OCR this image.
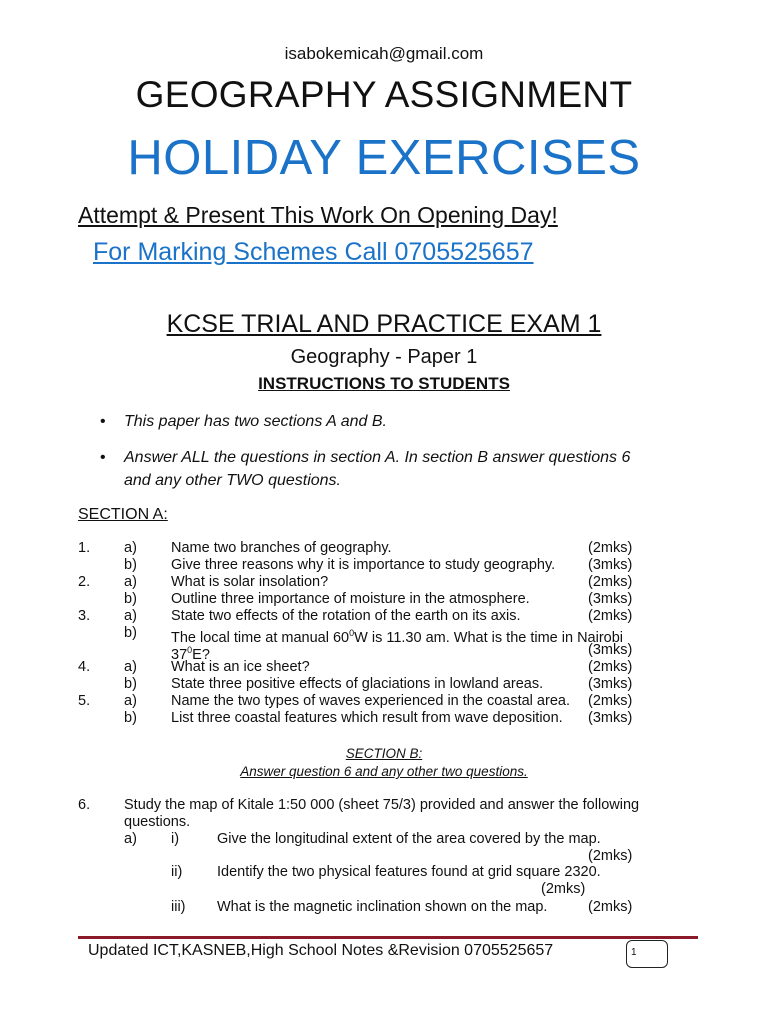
isabokemicah@gmail.com
GEOGRAPHY ASSIGNMENT
HOLIDAY EXERCISES
Attempt & Present This Work On Opening Day!
For Marking Schemes Call 0705525657
KCSE TRIAL AND PRACTICE EXAM 1
Geography - Paper 1
INSTRUCTIONS TO STUDENTS
• This paper has two sections A and B.
• Answer ALL the questions in section A. In section B answer questions 6 and any other TWO questions.
SECTION A:
1. a) Name two branches of geography.	(2mks)
b) Give three reasons why it is importance to study geography.	(3mks)
2. a) What is solar insolation?	(2mks)
b) Outline three importance of moisture in the atmosphere.	(3mks)
3. a) State two effects of the rotation of the earth on its axis.	(2mks)
b) The local time at manual $60^0W$ is 11.30 am. What is the time in Nairobi
$37^0E$?	(3mks)
4. a) What is an ice sheet?	(2mks)
b) State three positive effects of glaciations in lowland areas.	(3mks)
5. a) Name the two types of waves experienced in the coastal area.	(2mks)
b) List three coastal features which result from wave deposition.	(3mks)
SECTION B:
Answer question 6 and any other two questions.
6. Study the map of Kitale 1:50 000 (sheet 75/3) provided and answer the following
questions.
a) i)	Give the longitudinal extent of the area covered by the map.
(2mks)
ii) Identify the two physical features found at grid square 2320.
(2mks)
iii) What is the magnetic inclination shown on the map.	(2mks)
Updated ICT,KASNEB,High School Notes &Revision 0705525657	1
